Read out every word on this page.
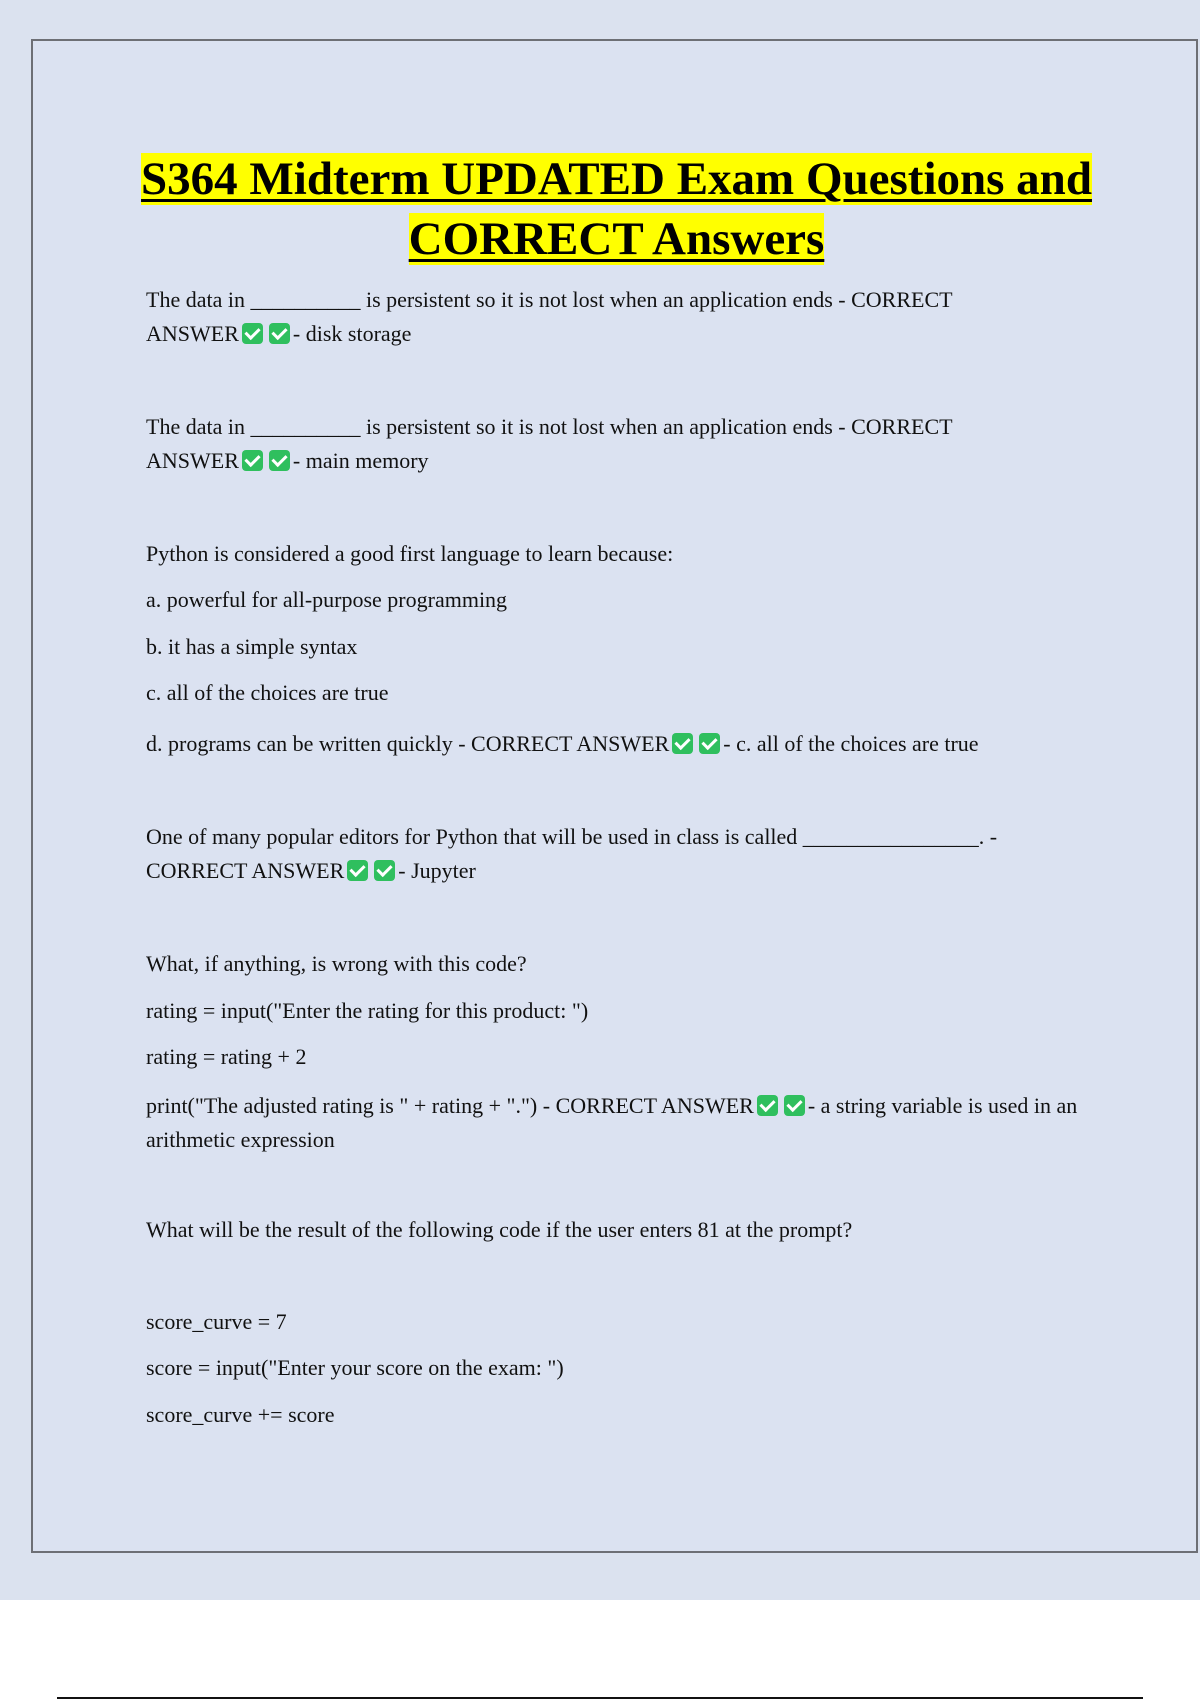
S364 Midterm UPDATED Exam Questions and CORRECT Answers
The data in __________ is persistent so it is not lost when an application ends - CORRECT
ANSWER - disk storage
The data in __________ is persistent so it is not lost when an application ends - CORRECT
ANSWER - main memory
Python is considered a good first language to learn because:
a. powerful for all-purpose programming
b. it has a simple syntax
c. all of the choices are true
d. programs can be written quickly - CORRECT ANSWER - c. all of the choices are true
One of many popular editors for Python that will be used in class is called ________________. -
CORRECT ANSWER - Jupyter
What, if anything, is wrong with this code?
rating = input("Enter the rating for this product: ")
rating = rating + 2
print("The adjusted rating is " + rating + ".") - CORRECT ANSWER - a string variable is used in an arithmetic expression
What will be the result of the following code if the user enters 81 at the prompt?
score_curve = 7
score = input("Enter your score on the exam: ")
score_curve += score
